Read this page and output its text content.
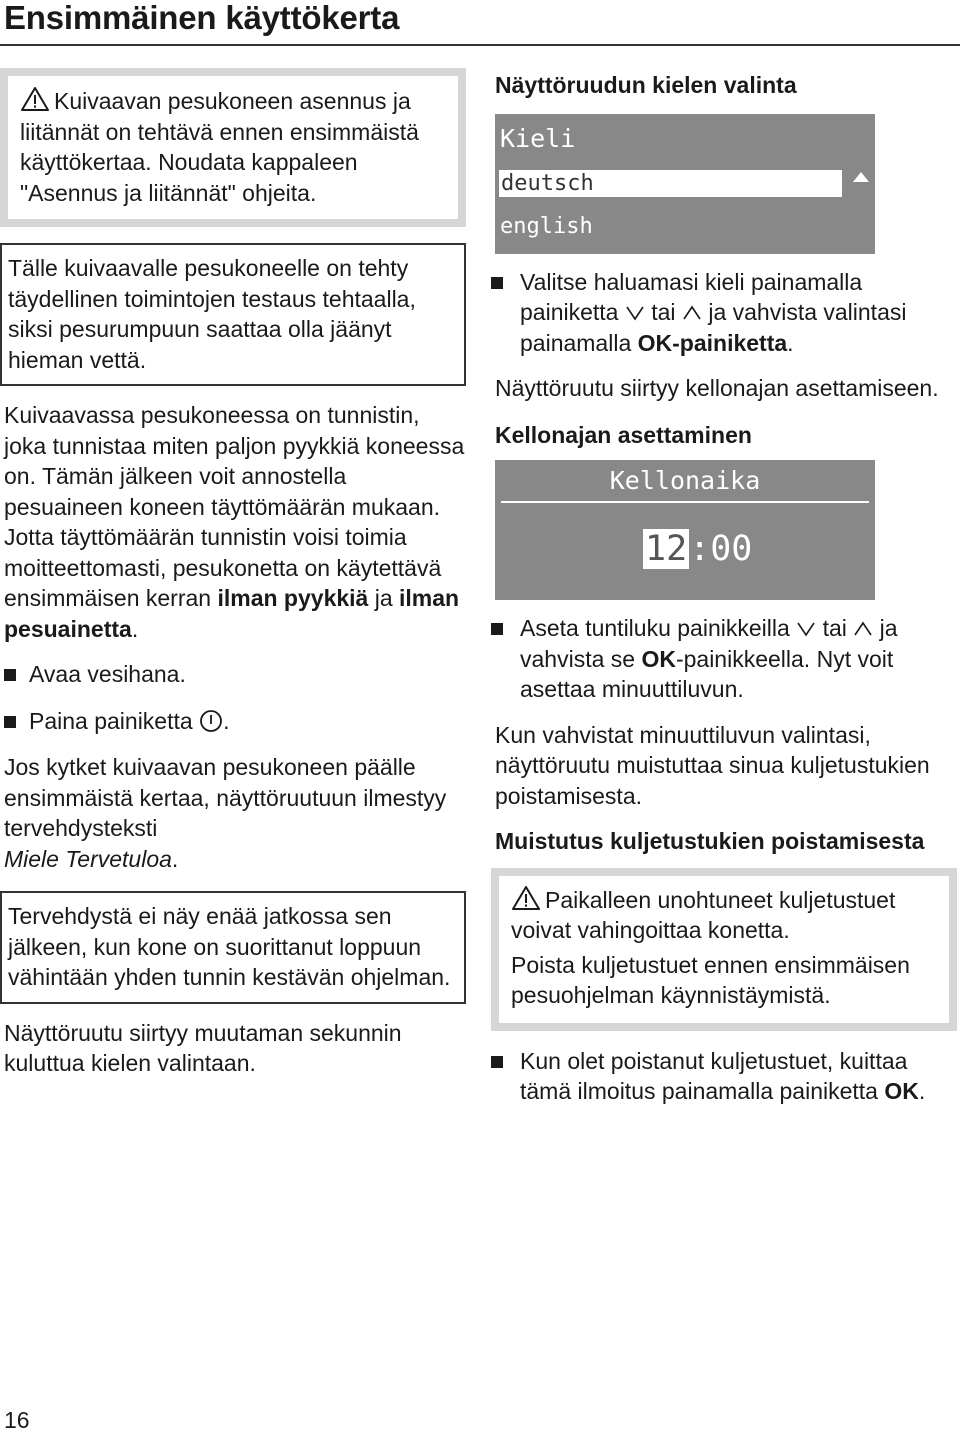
Ensimmäinen käyttökerta
Kuivaavan pesukoneen asennus ja liitännät on tehtävä ennen ensimmäistä käyttökertaa. Noudata kappaleen "Asennus ja liitännät" ohjeita.
Tälle kuivaavalle pesukoneelle on tehty täydellinen toimintojen testaus tehtaalla, siksi pesurumpuun saattaa olla jäänyt hieman vettä.

Kuivaavassa pesukoneessa on tunnistin, joka tunnistaa miten paljon pyykkiä koneessa on. Tämän jälkeen voit annostella pesuaineen koneen täyttömäärän mukaan. Jotta täyttömäärän tunnistin voisi toimia moitteettomasti, pesukonetta on käytettävä ensimmäisen kerran ilman pyykkiä ja ilman pesuainetta.

Avaa vesihana.

Paina painiketta .

Jos kytket kuivaavan pesukoneen päälle ensimmäistä kertaa, näyttöruutuun ilmestyy tervehdysteksti
Miele Tervetuloa.

Tervehdystä ei näy enää jatkossa sen jälkeen, kun kone on suorittanut loppuun vähintään yhden tunnin kestävän ohjelman.

Näyttöruutu siirtyy muutaman sekunnin kuluttua kielen valintaan.

Näyttöruudun kielen valinta
Kieli
deutsch
english

Valitse haluamasi kieli painamalla painiketta tai ja vahvista valintasi painamalla OK-painiketta.

Näyttöruutu siirtyy kellonajan asettamiseen.

Kellonajan asettaminen
Kellonaika
12:00

Aseta tuntiluku painikkeilla tai ja vahvista se OK-painikkeella. Nyt voit asettaa minuuttiluvun.

Kun vahvistat minuuttiluvun valintasi, näyttöruutu muistuttaa sinua kuljetustukien poistamisesta.

Muistutus kuljetustukien poistamisesta
Paikalleen unohtuneet kuljetustuet voivat vahingoittaa konetta.

Poista kuljetustuet ennen ensimmäisen pesuohjelman käynnistäymistä.

Kun olet poistanut kuljetustuet, kuittaa tämä ilmoitus painamalla painiketta OK.

16
